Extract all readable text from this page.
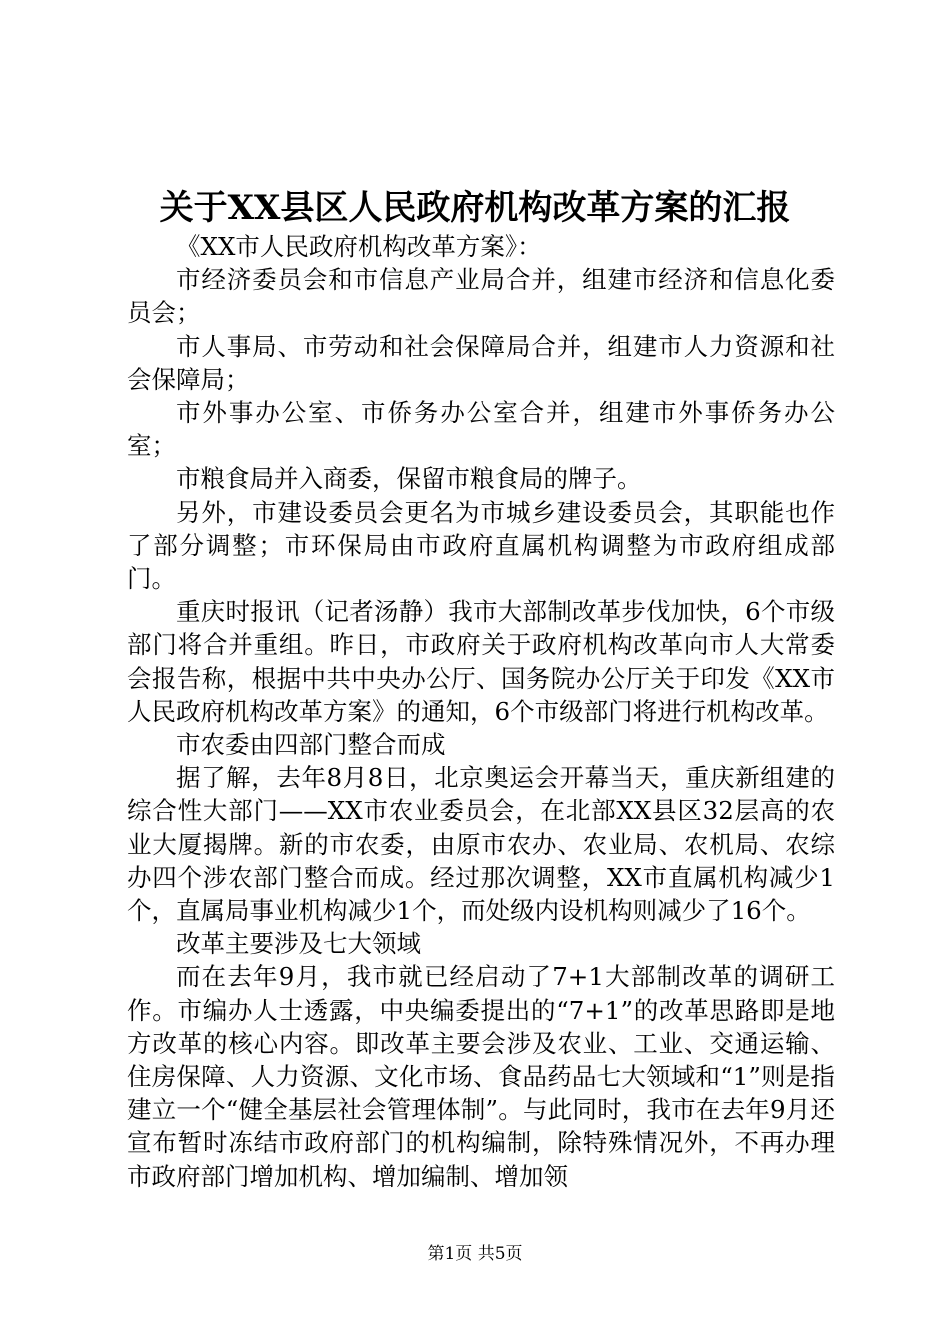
关于XX县区人民政府机构改革方案的汇报

《XX市人民政府机构改革方案》：

市经济委员会和市信息产业局合并，组建市经济和信息化委员会；

市人事局、市劳动和社会保障局合并，组建市人力资源和社会保障局；

市外事办公室、市侨务办公室合并，组建市外事侨务办公室；

市粮食局并入商委，保留市粮食局的牌子。

另外，市建设委员会更名为市城乡建设委员会，其职能也作了部分调整；市环保局由市政府直属机构调整为市政府组成部门。

重庆时报讯（记者汤静）我市大部制改革步伐加快，6个市级部门将合并重组。昨日，市政府关于政府机构改革向市人大常委会报告称，根据中共中央办公厅、国务院办公厅关于印发《XX市人民政府机构改革方案》的通知，6个市级部门将进行机构改革。

市农委由四部门整合而成

据了解，去年8月8日，北京奥运会开幕当天，重庆新组建的综合性大部门——XX市农业委员会，在北部XX县区32层高的农业大厦揭牌。新的市农委，由原市农办、农业局、农机局、农综办四个涉农部门整合而成。经过那次调整，XX市直属机构减少1个，直属局事业机构减少1个，而处级内设机构则减少了16个。

改革主要涉及七大领域

而在去年9月，我市就已经启动了7+1大部制改革的调研工作。市编办人士透露，中央编委提出的“7+1”的改革思路即是地方改革的核心内容。即改革主要会涉及农业、工业、交通运输、住房保障、人力资源、文化市场、食品药品七大领域和“1”则是指建立一个“健全基层社会管理体制”。与此同时，我市在去年9月还宣布暂时冻结市政府部门的机构编制，除特殊情况外，不再办理市政府部门增加机构、增加编制、增加领

第1页 共5页
